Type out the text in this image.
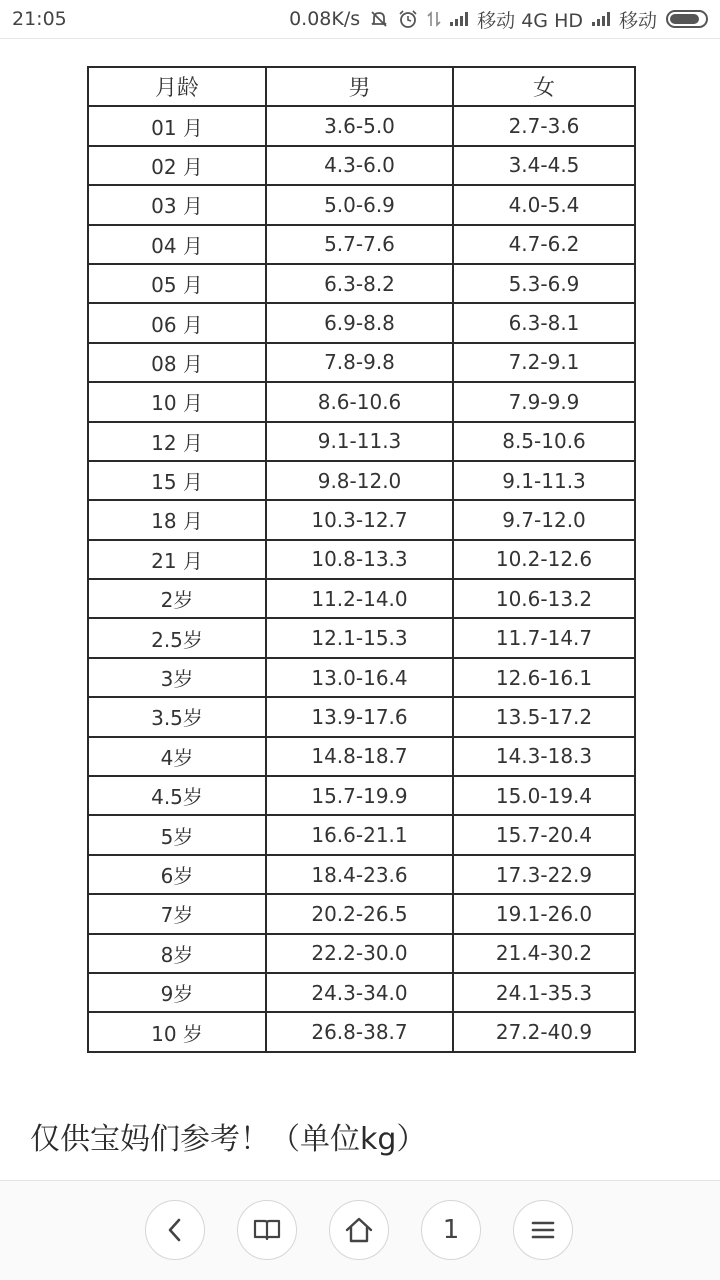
21:05	0.08K/s	移动 4G HD 移动
月龄	男	女
01 月	3.6-5.0	2.7-3.6
02 月	4.3-6.0	3.4-4.5
03 月	5.0-6.9	4.0-5.4
04 月	5.7-7.6	4.7-6.2
05 月	6.3-8.2	5.3-6.9
06 月	6.9-8.8	6.3-8.1
08 月	7.8-9.8	7.2-9.1
10 月	8.6-10.6	7.9-9.9
12 月	9.1-11.3	8.5-10.6
15 月	9.8-12.0	9.1-11.3
18 月	10.3-12.7	9.7-12.0
21 月	10.8-13.3	10.2-12.6
2岁	11.2-14.0	10.6-13.2
2.5岁	12.1-15.3	11.7-14.7
3岁	13.0-16.4	12.6-16.1
3.5岁	13.9-17.6	13.5-17.2
4岁	14.8-18.7	14.3-18.3
4.5岁	15.7-19.9	15.0-19.4
5岁	16.6-21.1	15.7-20.4
6岁	18.4-23.6	17.3-22.9
7岁	20.2-26.5	19.1-26.0
8岁	22.2-30.0	21.4-30.2
9岁	24.3-34.0	24.1-35.3
10 岁	26.8-38.7	27.2-40.9
仅供宝妈们参考！（单位kg）
1
